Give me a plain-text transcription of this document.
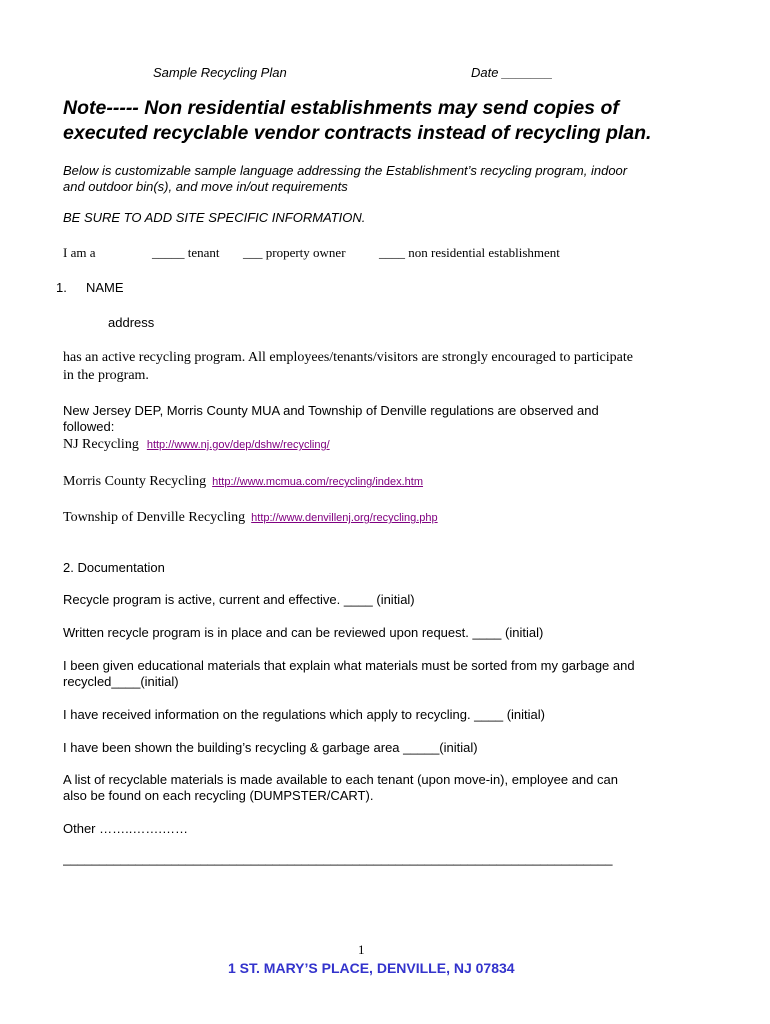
Sample Recycling Plan	Date _______
Note----- Non residential establishments may send copies of
executed recyclable vendor contracts instead of recycling plan.
Below is customizable sample language addressing the Establishment’s recycling program, indoor
and outdoor bin(s), and move in/out requirements
BE SURE TO ADD SITE SPECIFIC INFORMATION.
I am a	_____ tenant ___ property owner	____ non residential establishment
1. NAME
address
has an active recycling program. All employees/tenants/visitors are strongly encouraged to participate
in the program.
New Jersey DEP, Morris County MUA and Township of Denville regulations are observed and
followed:
NJ Recycling http://www.nj.gov/dep/dshw/recycling/
Morris County Recycling http://www.mcmua.com/recycling/index.htm
Township of Denville Recycling http://www.denvillenj.org/recycling.php
2. Documentation
Recycle program is active, current and effective. ____ (initial)
Written recycle program is in place and can be reviewed upon request. ____ (initial)
I been given educational materials that explain what materials must be sorted from my garbage and
recycled____(initial)
I have received information on the regulations which apply to recycling. ____ (initial)
I have been shown the building’s recycling & garbage area _____(initial)
A list of recyclable materials is made available to each tenant (upon move-in), employee and can
also be found on each recycling (DUMPSTER/CART).
Other ……..…….……
____________________________________________________________________________
1
1 ST. MARY’S PLACE, DENVILLE, NJ 07834
